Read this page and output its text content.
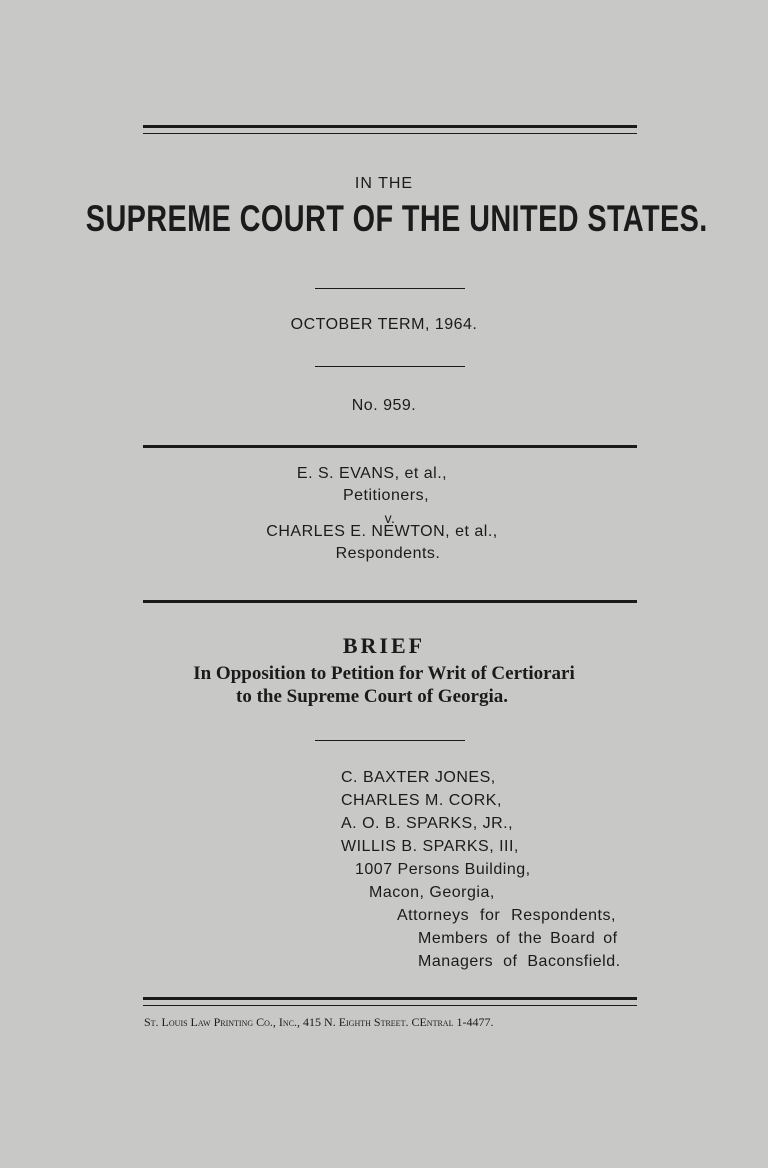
IN THE
SUPREME COURT OF THE UNITED STATES.
OCTOBER TERM, 1964.
No. 959.
E. S. EVANS, et al.,
Petitioners,
v.
CHARLES E. NEWTON, et al.,
Respondents.
BRIEF
In Opposition to Petition for Writ of Certiorari
to the Supreme Court of Georgia.
C. BAXTER JONES,
CHARLES M. CORK,
A. O. B. SPARKS, JR.,
WILLIS B. SPARKS, III,
1007 Persons Building,
Macon, Georgia,
Attorneys for Respondents,
Members of the Board of
Managers of Baconsfield.
St. Louis Law Printing Co., Inc., 415 N. Eighth Street. CEntral 1-4477.
